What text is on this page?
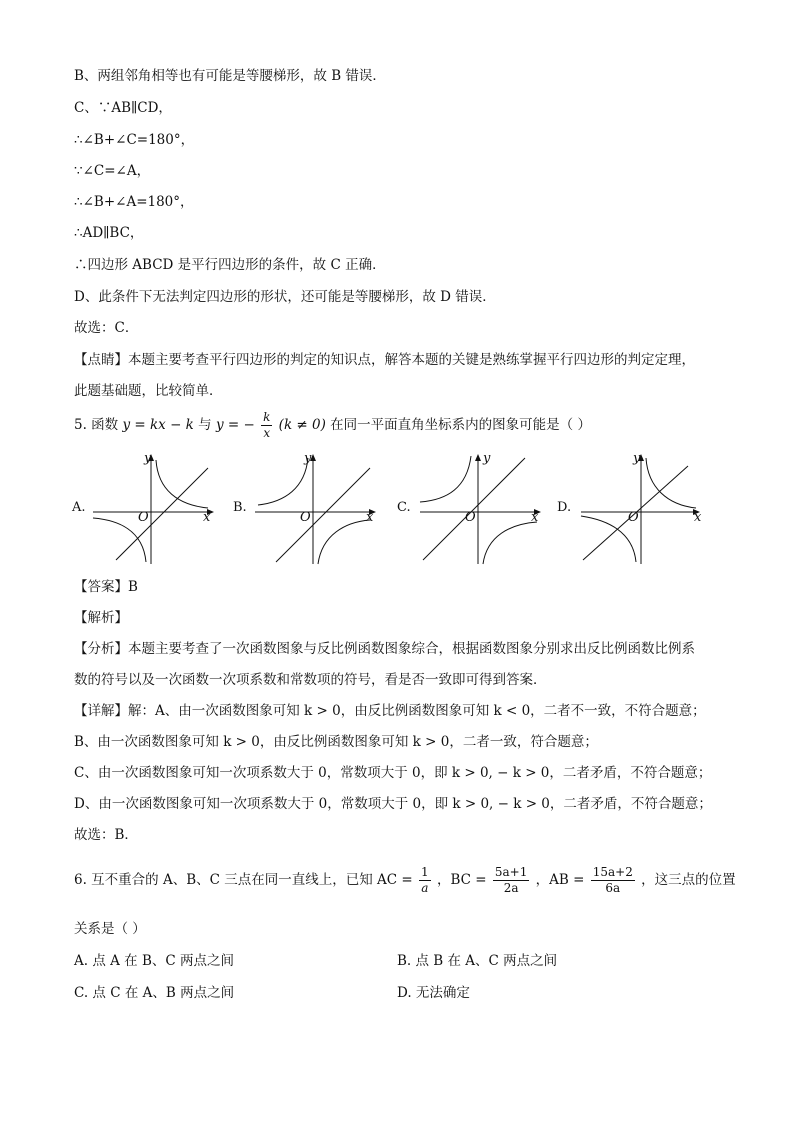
B、两组邻角相等也有可能是等腰梯形，故 B 错误．
C、∵AB∥CD，
∴∠B+∠C=180°，
∵∠C=∠A，
∴∠B+∠A=180°，
∴AD∥BC，
∴四边形 ABCD 是平行四边形的条件，故 C 正确．
D、此条件下无法判定四边形的形状，还可能是等腰梯形，故 D 错误．
故选：C．
【点睛】本题主要考查平行四边形的判定的知识点，解答本题的关键是熟练掌握平行四边形的判定定理，
此题基础题，比较简单．
5. 函数 y = kx − k 与 y = − $\frac{k}{x} (k \ne 0)$ 在同一平面直角坐标系内的图象可能是（ ）
A.
y
x
O
B.
y
x
O
C.
y
x
O
D.
y
x
O
【答案】B
【解析】
【分析】本题主要考查了一次函数图象与反比例函数图象综合，根据函数图象分别求出反比例函数比例系
数的符号以及一次函数一次项系数和常数项的符号，看是否一致即可得到答案．
【详解】解：A、由一次函数图象可知 k > 0，由反比例函数图象可知 k < 0，二者不一致，不符合题意；
B、由一次函数图象可知 k > 0，由反比例函数图象可知 k > 0，二者一致，符合题意；
C、由一次函数图象可知一次项系数大于 0，常数项大于 0，即 k > 0, − k > 0，二者矛盾，不符合题意；
D、由一次函数图象可知一次项系数大于 0，常数项大于 0，即 k > 0, − k > 0，二者矛盾，不符合题意；
故选：B．
6. 互不重合的 A、B、C 三点在同一直线上，已知 AC = $\frac{1}{a}$ ，BC = $\frac{5a+1}{2a}$ ，AB = $\frac{15a+2}{6a}$ ，这三点的位置
关系是（ ）
A. 点 A 在 B、C 两点之间	B. 点 B 在 A、C 两点之间
C. 点 C 在 A、B 两点之间	D. 无法确定
